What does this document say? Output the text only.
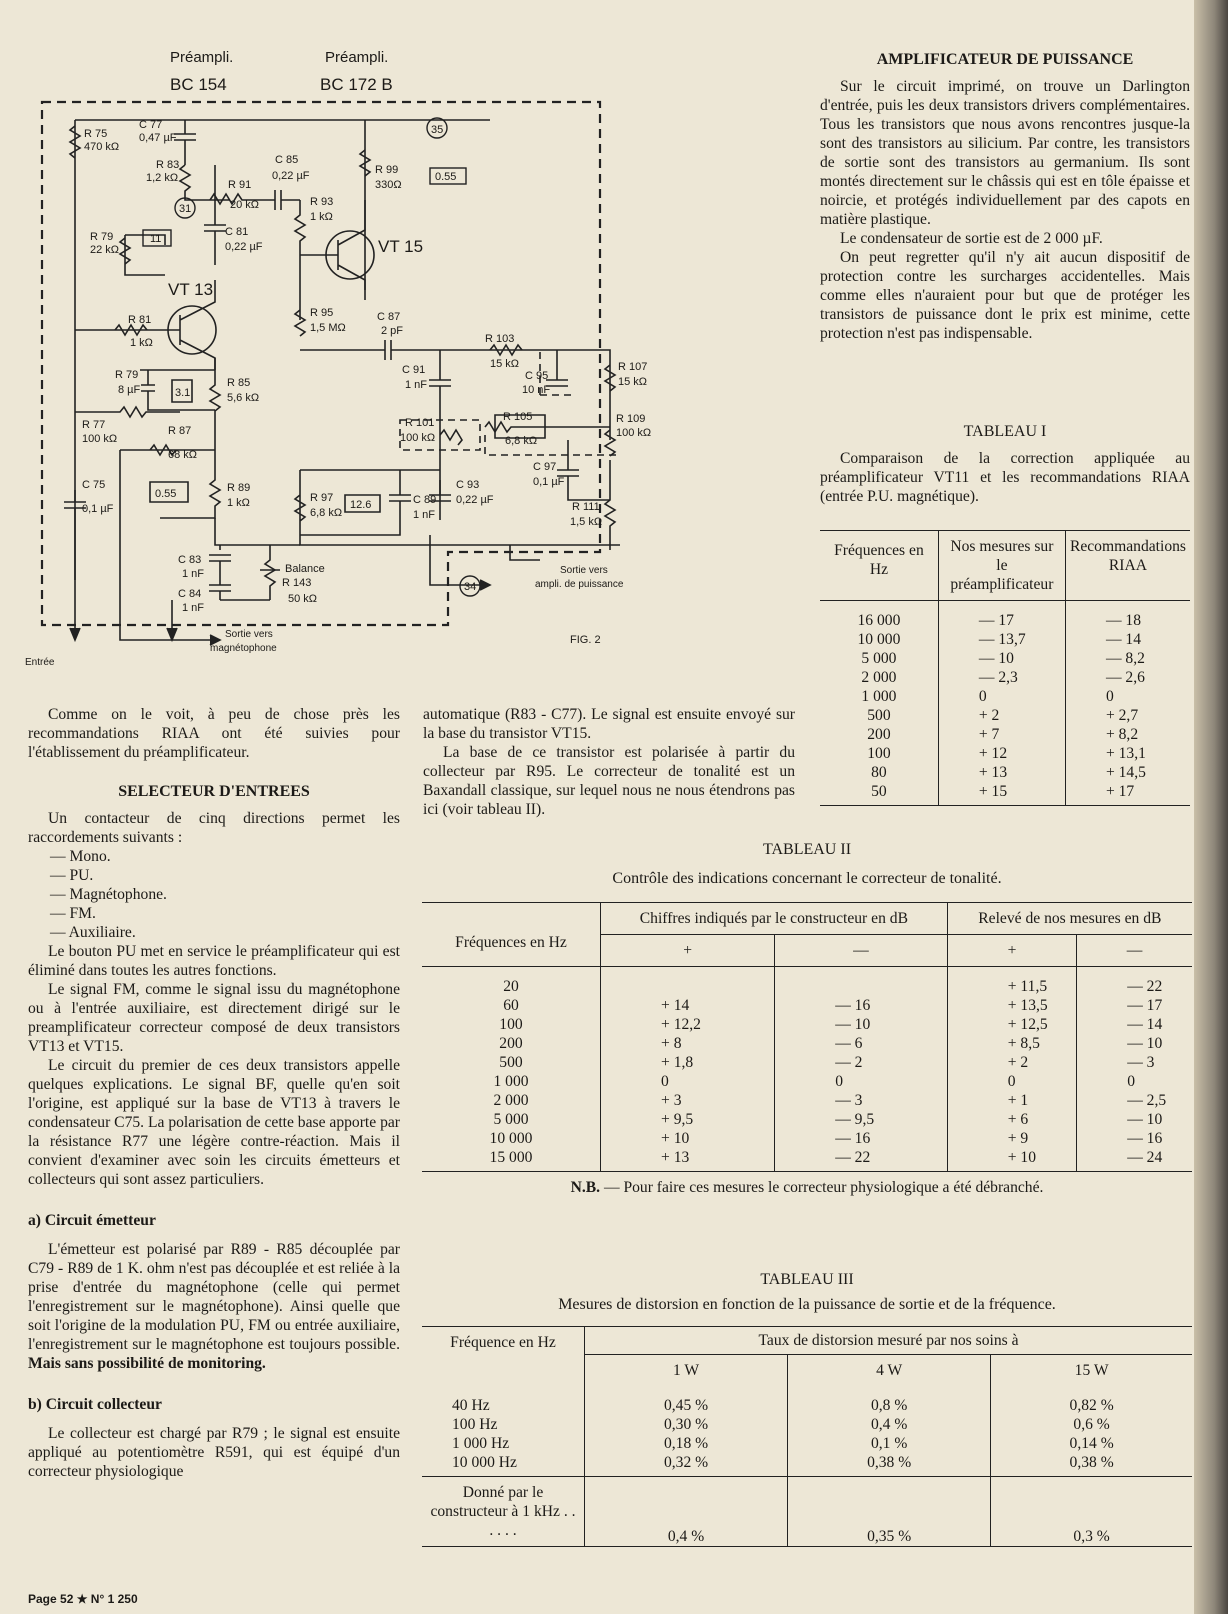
Préampli.
BC 154
Préampli.
BC 172 B
R 75
470 kΩ
C 77
0,47 µF
R 83
1,2 kΩ
R 91
20 kΩ
C 85
0,22 µF
R 93
1 kΩ
R 99
330Ω
35
31
34
0.55
11
R 79
22 kΩ
C 81
0,22 µF	VT 15
VT 13
R 81
1 kΩ
R 95
1,5 MΩ
C 87
2 pF
R 103
15 kΩ
C 91
1 nF
C 95
10 nF
R 107
15 kΩ
R 79
8 µF	3.1
R 85
5,6 kΩ
R 77
100 kΩ
R 87
68 kΩ
R 101
100 kΩ
R 105
6,8 kΩ
R 109
100 kΩ
C 97
0,1 µF
C 75
0,1 µF
0.55	R 89
1 kΩ	R 97
6,8 kΩ
12.6	C 89
1 nF
C 93
0,22 µF
R 111
1,5 kΩ
C 83
1 nF
C 84
1 nF
Balance
R 143
50 kΩ
Sortie vers
ampli. de puissance
Sortie vers
magnétophone
Entrée
FIG. 2

Comme on le voit, à peu de chose près les recommandations RIAA ont été suivies pour l'établissement du préamplificateur.

SELECTEUR D'ENTREES

Un contacteur de cinq directions permet les raccordements suivants :

— Mono.
— PU.
— Magnétophone.
— FM.
— Auxiliaire.

Le bouton PU met en service le préamplificateur qui est éliminé dans toutes les autres fonctions.

Le signal FM, comme le signal issu du magnétophone ou à l'entrée auxiliaire, est directement dirigé sur le preamplificateur correcteur composé de deux transistors VT13 et VT15.

Le circuit du premier de ces deux transistors appelle quelques explications. Le signal BF, quelle qu'en soit l'origine, est appliqué sur la base de VT13 à travers le condensateur C75. La polarisation de cette base apporte par la résistance R77 une légère contre-réaction. Mais il convient d'examiner avec soin les circuits émetteurs et collecteurs qui sont assez particuliers.

a) Circuit émetteur

L'émetteur est polarisé par R89 - R85 découplée par C79 - R89 de 1 K. ohm n'est pas découplée et est reliée à la prise d'entrée du magnétophone (celle qui permet l'enregistrement sur le magnétophone). Ainsi quelle que soit l'origine de la modulation PU, FM ou entrée auxiliaire, l'enregistrement sur le magnétophone est toujours possible. Mais sans possibilité de monitoring.

b) Circuit collecteur

Le collecteur est chargé par R79 ; le signal est ensuite appliqué au potentiomètre R591, qui est équipé d'un correcteur physiologique

automatique (R83 - C77). Le signal est ensuite envoyé sur la base du transistor VT15.

La base de ce transistor est polarisée à partir du collecteur par R95. Le correcteur de tonalité est un Baxandall classique, sur lequel nous ne nous étendrons pas ici (voir tableau II).

AMPLIFICATEUR DE PUISSANCE

Sur le circuit imprimé, on trouve un Darlington d'entrée, puis les deux transistors drivers complémentaires. Tous les transistors que nous avons rencontres jusque-la sont des transistors au silicium. Par contre, les transistors de sortie sont des transistors au germanium. Ils sont montés directement sur le châssis qui est en tôle épaisse et noircie, et protégés individuellement par des capots en matière plastique.

Le condensateur de sortie est de 2 000 µF.

On peut regretter qu'il n'y ait aucun dispositif de protection contre les surcharges accidentelles. Mais comme elles n'auraient pour but que de protéger les transistors de puissance dont le prix est minime, cette protection n'est pas indispensable.

TABLEAU I

Comparaison de la correction appliquée au préamplificateur VT11 et les recommandations RIAA (entrée P.U. magnétique).

Fréquences en Hz	Nos mesures sur le préamplificateur	Recommandations RIAA
16 000	— 17	— 18
10 000	— 13,7	— 14
5 000	— 10	— 8,2
2 000	— 2,3	— 2,6
1 000	0	0
500	+ 2	+ 2,7
200	+ 7	+ 8,2
100	+ 12	+ 13,1
80	+ 13	+ 14,5
50	+ 15	+ 17
TABLEAU II
Contrôle des indications concernant le correcteur de tonalité.
Fréquences en Hz	Chiffres indiqués par le constructeur en dB		Relevé de nos mesures en dB	
	+	—	+	—
20			+ 11,5	— 22
60	+ 14	— 16	+ 13,5	— 17
100	+ 12,2	— 10	+ 12,5	— 14
200	+ 8	— 6	+ 8,5	— 10
500	+ 1,8	— 2	+ 2	— 3
1 000	0	0	0	0
2 000	+ 3	— 3	+ 1	— 2,5
5 000	+ 9,5	— 9,5	+ 6	— 10
10 000	+ 10	— 16	+ 9	— 16
15 000	+ 13	— 22	+ 10	— 24
N.B. — Pour faire ces mesures le correcteur physiologique a été débranché.
TABLEAU III
Mesures de distorsion en fonction de la puissance de sortie et de la fréquence.
Fréquence en Hz	Taux de distorsion mesuré par nos soins à		
	1 W	4 W	15 W
40 Hz	0,45 %	0,8 %	0,82 %
100 Hz	0,30 %	0,4 %	0,6 %
1 000 Hz	0,18 %	0,1 %	0,14 %
10 000 Hz	0,32 %	0,38 %	0,38 %
Donné par le constructeur à 1 kHz . . . . . .	0,4 %	0,35 %	0,3 %
Page 52 ★ N° 1 250
